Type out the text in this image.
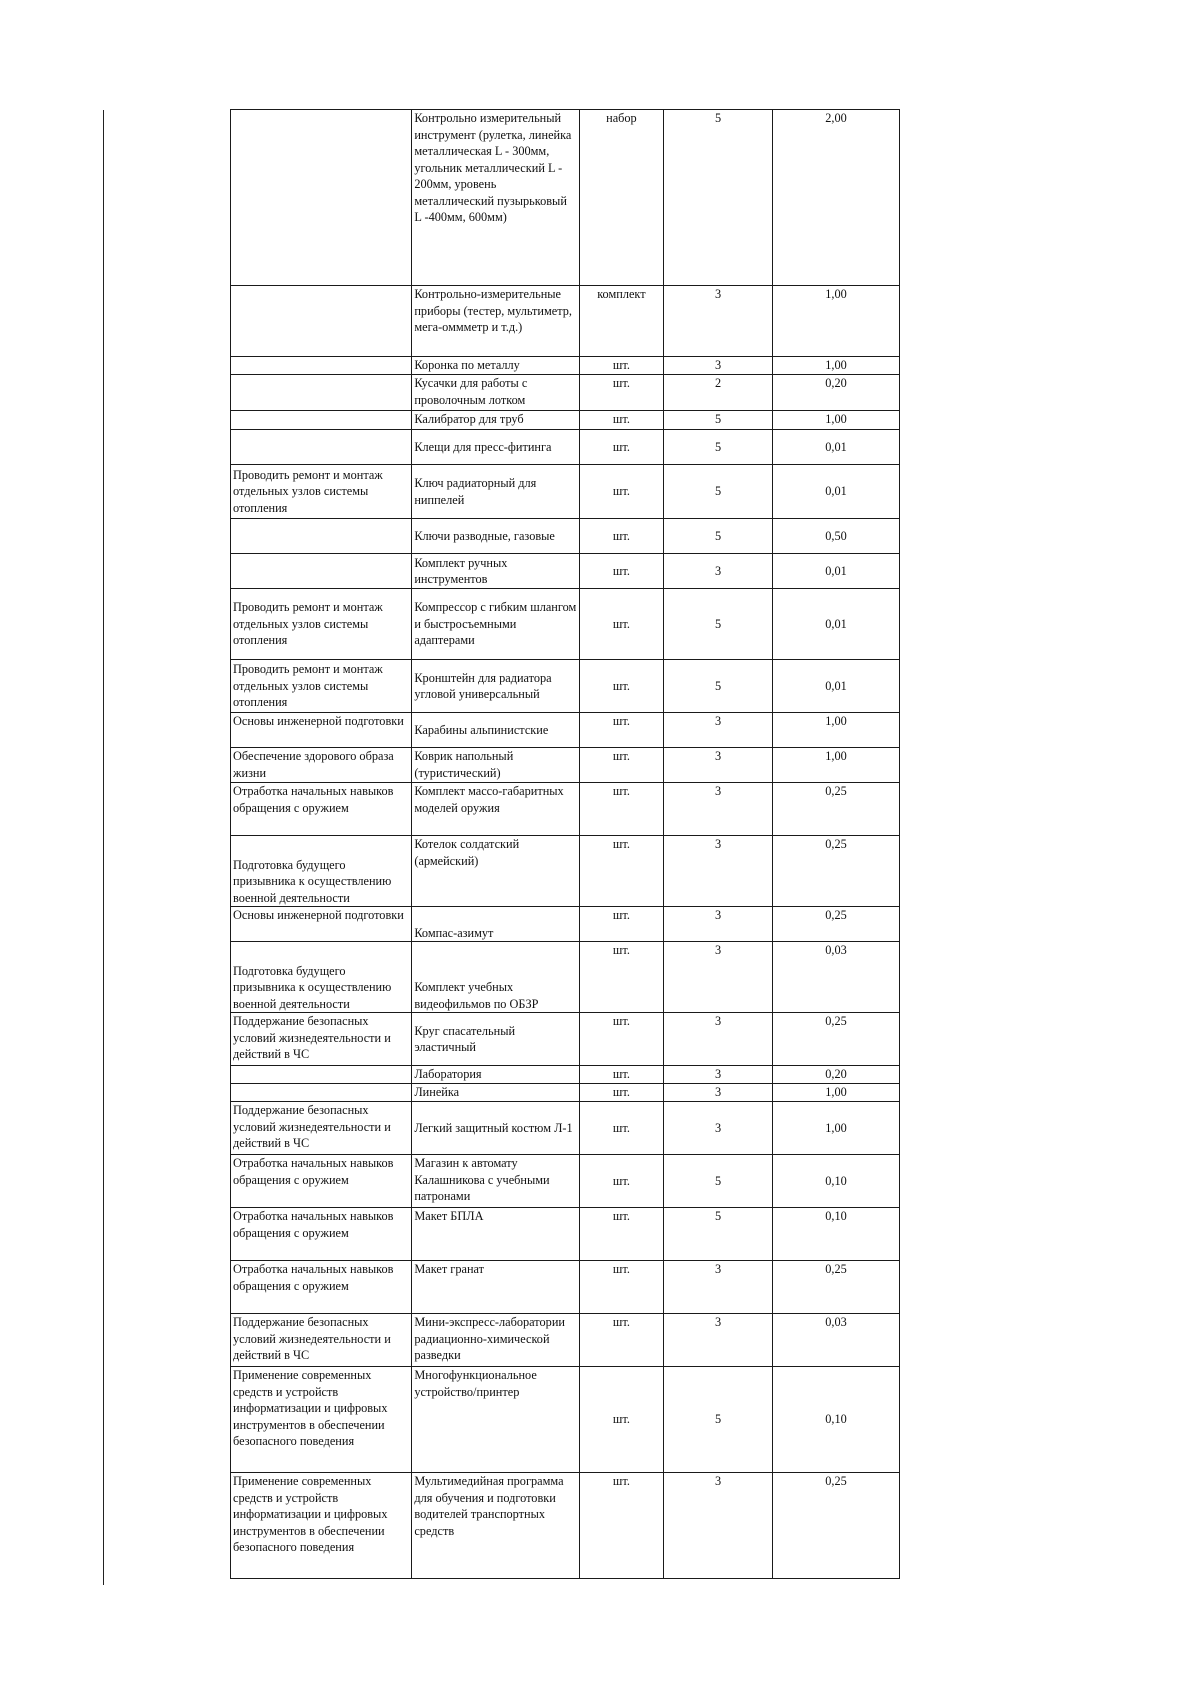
	Контрольно измерительный инструмент (рулетка, линейка металлическая L - 300мм, угольник металлический L - 200мм, уровень металлический пузырьковый L -400мм, 600мм)	набор	5	2,00
	Контрольно-измерительные приборы (тестер, мультиметр, мега-оммметр и т.д.)	комплект	3	1,00
	Коронка по металлу	шт.	3	1,00
	Кусачки для работы с проволочным лотком	шт.	2	0,20
	Калибратор для труб	шт.	5	1,00
	Клещи для пресс-фитинга	шт.	5	0,01
Проводить ремонт и монтаж отдельных узлов системы отопления	Ключ радиаторный для ниппелей	шт.	5	0,01
	Ключи разводные, газовые	шт.	5	0,50
	Комплект ручных инструментов	шт.	3	0,01
Проводить ремонт и монтаж отдельных узлов системы отопления	Компрессор с гибким шлангом и быстросъемными адаптерами	шт.	5	0,01
Проводить ремонт и монтаж отдельных узлов системы отопления	Кронштейн для радиатора угловой универсальный	шт.	5	0,01
Основы инженерной подготовки	Карабины альпинистские	шт.	3	1,00
Обеспечение здорового образа жизни	Коврик напольный (туристический)	шт.	3	1,00
Отработка начальных навыков обращения с оружием	Комплект массо-габаритных моделей оружия	шт.	3	0,25
Подготовка будущего призывника к осуществлению военной деятельности	Котелок солдатский (армейский)	шт.	3	0,25
Основы инженерной подготовки	Компас-азимут	шт.	3	0,25
Подготовка будущего призывника к осуществлению военной деятельности	Комплект учебных видеофильмов по ОБЗР	шт.	3	0,03
Поддержание безопасных условий жизнедеятельности и действий в ЧС	Круг спасательный эластичный	шт.	3	0,25
	Лаборатория	шт.	3	0,20
	Линейка	шт.	3	1,00
Поддержание безопасных условий жизнедеятельности и действий в ЧС	Легкий защитный костюм Л-1	шт.	3	1,00
Отработка начальных навыков обращения с оружием	Магазин к автомату Калашникова с учебными патронами	шт.	5	0,10
Отработка начальных навыков обращения с оружием	Макет БПЛА	шт.	5	0,10
Отработка начальных навыков обращения с оружием	Макет гранат	шт.	3	0,25
Поддержание безопасных условий жизнедеятельности и действий в ЧС	Мини-экспресс-лаборатории радиационно-химической разведки	шт.	3	0,03
Применение современных средств и устройств информатизации и цифровых инструментов в обеспечении безопасного поведения	Многофункциональное устройство/принтер	шт.	5	0,10
Применение современных средств и устройств информатизации и цифровых инструментов в обеспечении безопасного поведения	Мультимедийная программа для обучения и подготовки водителей транспортных средств	шт.	3	0,25
